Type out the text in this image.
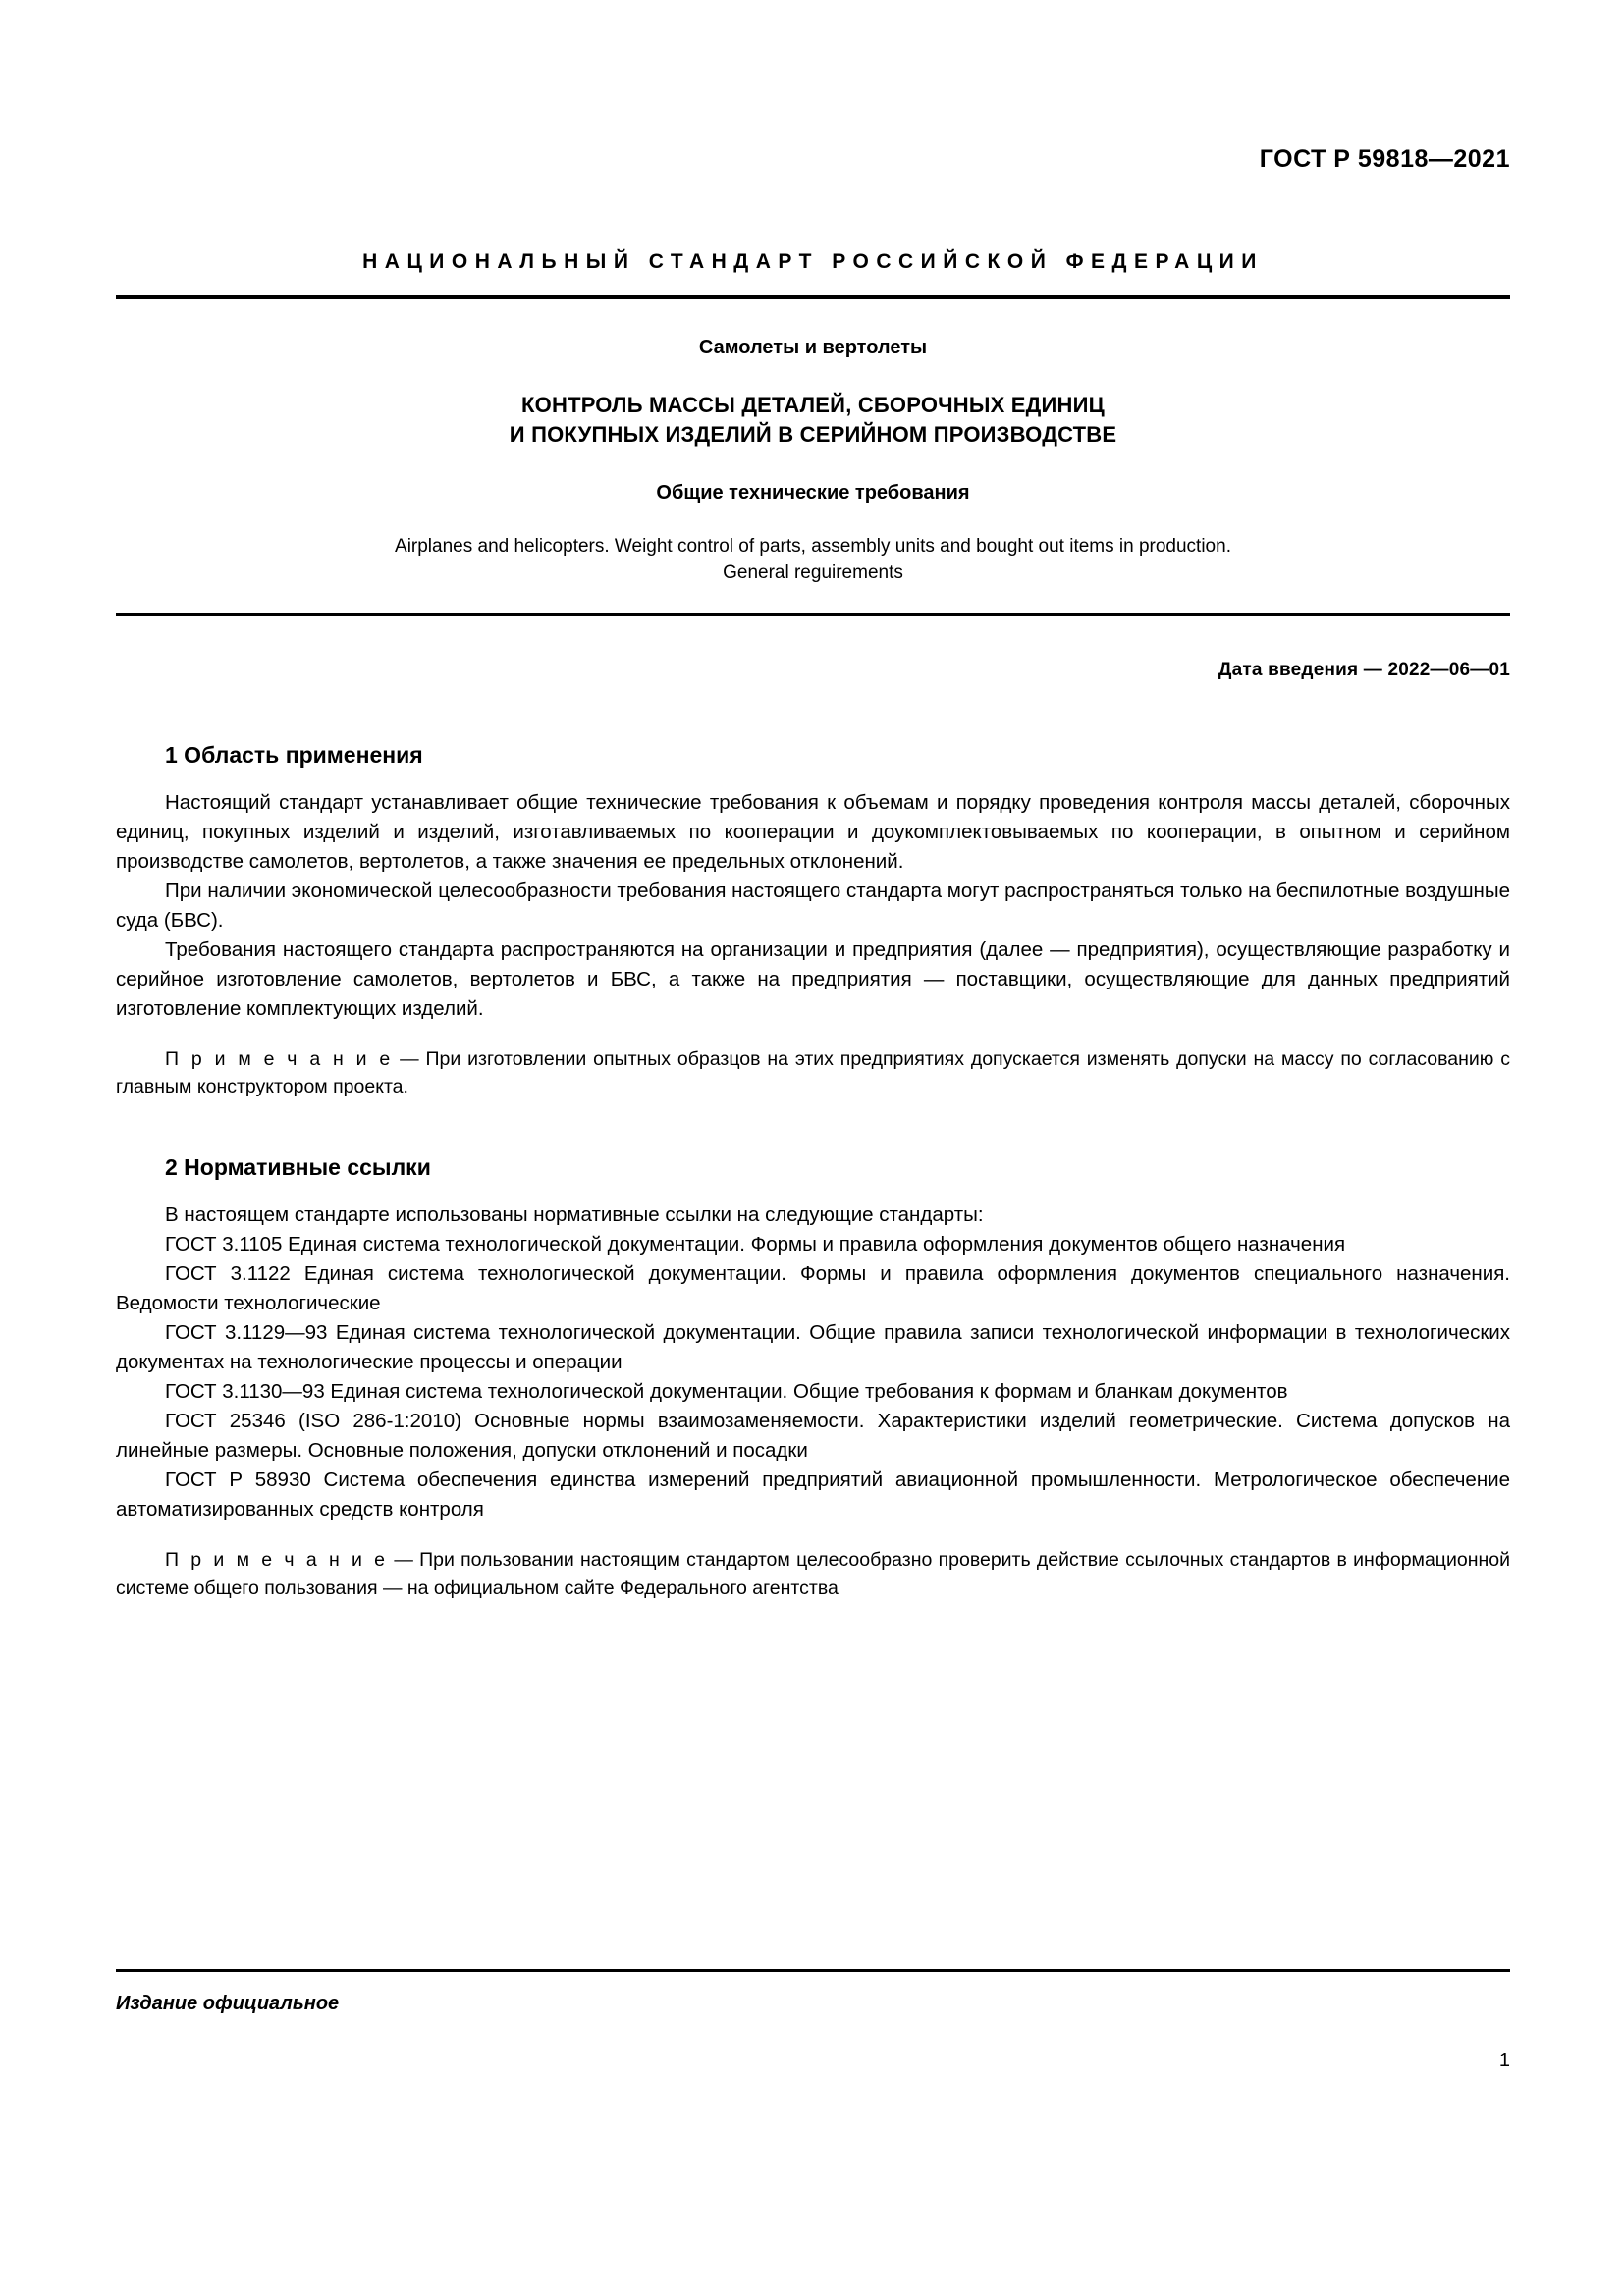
ГОСТ Р 59818—2021
НАЦИОНАЛЬНЫЙ СТАНДАРТ РОССИЙСКОЙ ФЕДЕРАЦИИ
Самолеты и вертолеты
КОНТРОЛЬ МАССЫ ДЕТАЛЕЙ, СБОРОЧНЫХ ЕДИНИЦ
И ПОКУПНЫХ ИЗДЕЛИЙ В СЕРИЙНОМ ПРОИЗВОДСТВЕ
Общие технические требования
Airplanes and helicopters. Weight control of parts, assembly units and bought out items in production.
General reguirements
Дата введения — 2022—06—01
1 Область применения

Настоящий стандарт устанавливает общие технические требования к объемам и порядку проведения контроля массы деталей, сборочных единиц, покупных изделий и изделий, изготавливаемых по кооперации и доукомплектовываемых по кооперации, в опытном и серийном производстве самолетов, вертолетов, а также значения ее предельных отклонений.

При наличии экономической целесообразности требования настоящего стандарта могут распространяться только на беспилотные воздушные суда (БВС).

Требования настоящего стандарта распространяются на организации и предприятия (далее — предприятия), осуществляющие разработку и серийное изготовление самолетов, вертолетов и БВС, а также на предприятия — поставщики, осуществляющие для данных предприятий изготовление комплектующих изделий.

П р и м е ч а н и е — При изготовлении опытных образцов на этих предприятиях допускается изменять допуски на массу по согласованию с главным конструктором проекта.

2 Нормативные ссылки

В настоящем стандарте использованы нормативные ссылки на следующие стандарты:

ГОСТ 3.1105 Единая система технологической документации. Формы и правила оформления документов общего назначения

ГОСТ 3.1122 Единая система технологической документации. Формы и правила оформления документов специального назначения. Ведомости технологические

ГОСТ 3.1129—93 Единая система технологической документации. Общие правила записи технологической информации в технологических документах на технологические процессы и операции

ГОСТ 3.1130—93 Единая система технологической документации. Общие требования к формам и бланкам документов

ГОСТ 25346 (ISO 286-1:2010) Основные нормы взаимозаменяемости. Характеристики изделий геометрические. Система допусков на линейные размеры. Основные положения, допуски отклонений и посадки

ГОСТ Р 58930 Система обеспечения единства измерений предприятий авиационной промышленности. Метрологическое обеспечение автоматизированных средств контроля

П р и м е ч а н и е — При пользовании настоящим стандартом целесообразно проверить действие ссылочных стандартов в информационной системе общего пользования — на официальном сайте Федерального агентства

Издание официальное
1
